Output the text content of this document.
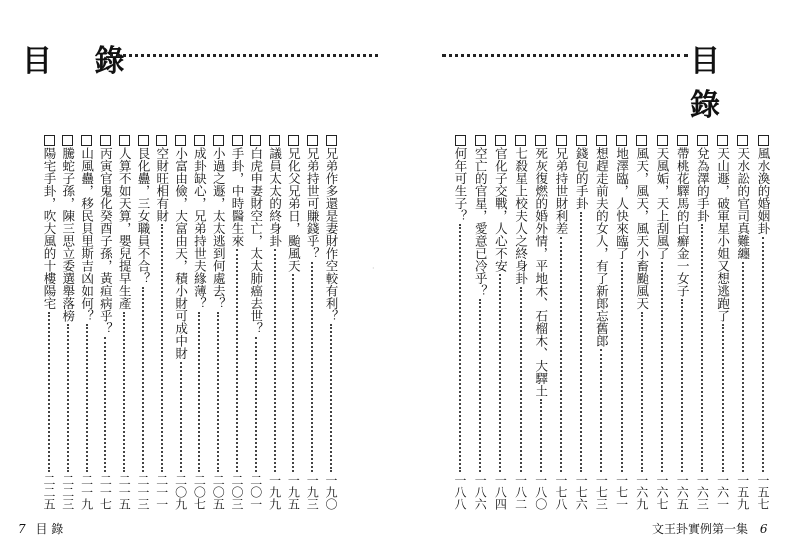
目 錄
兄弟作多還是妻財作空較有利？
一九〇
兄弟持世可賺錢乎？
一九三
兄化父兄弟日，颱風天
一九五
議員太太的終身卦
一九九
白虎申妻財空亡，太太肺癌去世？
二〇一
手卦，中時醫生來
二〇三
小過之遯，太太逃到何處去？
二〇五
成卦缺心，兄弟持世夫緣薄？
二〇七
小富由儉，大富由天，積小財可成中財
二〇九
空財旺相有財
二一一
艮化蠱，三女職員不合？
二一三
人算不如天算，嬰兒提早生產
二一五
丙寅官鬼化癸酉子孫，黃疸病乎？
二一七
山風蠱，移民貝里斯吉凶如何？
二一九
騰蛇子孫，陳三思立委選舉落榜
二二三
陽宅手卦，吹大風的十樓陽宅
二二五
7 目 錄
·
目 錄
風水渙的婚姻卦
一五七
天水訟的官司真難纏
一五九
天山遯，破軍星小姐又想逃跑了
一六一
兌為澤的手卦
一六三
帶桃花驛馬的白癬金一女子
一六五
天風姤，天上刮風了
一六七
風天，風天，風天小畜颱風天
一六九
地澤臨，人快來臨了
一七一
想趕走前夫的女人，有了新郎忘舊郎
一七三
錢包的手卦
一七六
兄弟持世財利差
一七八
死灰復燃的婚外情，平地木、石榴木、大驛土
一八〇
七殺星上校夫人之終身卦
一八二
官化子交戰，人心不安
一八四
空亡的官星，愛意已冷乎？
一八六
何年可生子？
一八八
文王卦實例第一集 6
